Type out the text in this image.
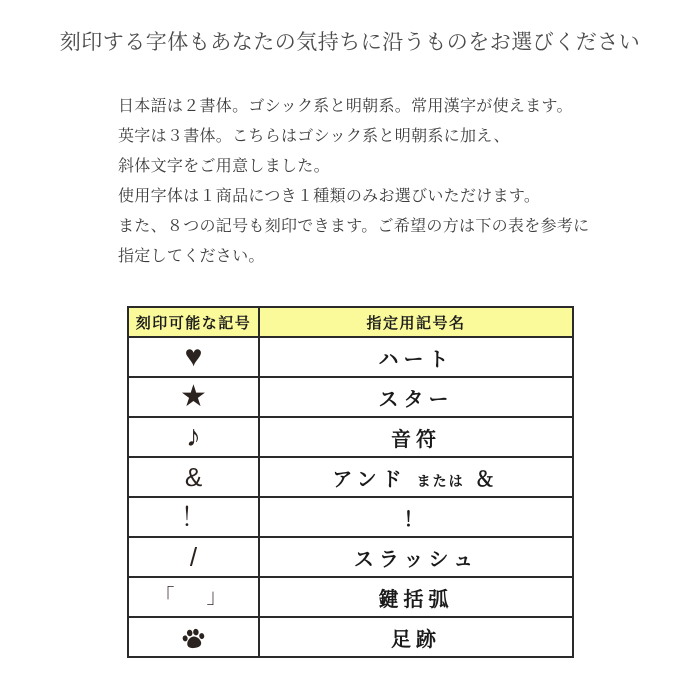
刻印する字体もあなたの気持ちに沿うものをお選びください
日本語は２書体。ゴシック系と明朝系。常用漢字が使えます。
英字は３書体。こちらはゴシック系と明朝系に加え、
斜体文字をご用意しました。
使用字体は１商品につき１種類のみお選びいただけます。
また、８つの記号も刻印できます。ご希望の方は下の表を参考に
指定してください。
刻印可能な記号	指定用記号名
♥	ハート
★	スター
♪	音符
&	アンド または ＆
！	！
/	スラッシュ
「　」	鍵括弧
	足跡
